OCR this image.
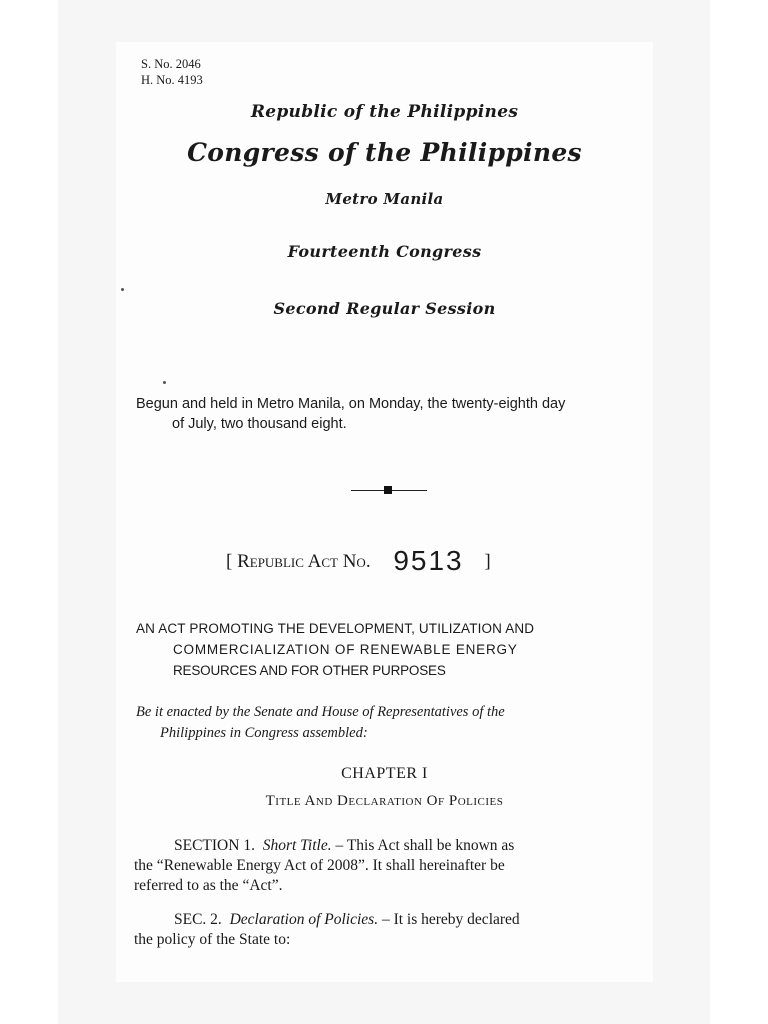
S. No. 2046
H. No. 4193
Republic of the Philippines
Congress of the Philippines
Metro Manila
Fourteenth Congress
Second Regular Session
Begun and held in Metro Manila, on Monday, the twenty-eighth day
of July, two thousand eight.
[ Republic Act No. 9513 ]
AN ACT PROMOTING THE DEVELOPMENT, UTILIZATION AND
COMMERCIALIZATION OF RENEWABLE ENERGY
RESOURCES AND FOR OTHER PURPOSES
Be it enacted by the Senate and House of Representatives of the
Philippines in Congress assembled:
CHAPTER I
Title And Declaration Of Policies
SECTION 1. Short Title. – This Act shall be known as
the “Renewable Energy Act of 2008”. It shall hereinafter be
referred to as the “Act”.
SEC. 2. Declaration of Policies. – It is hereby declared
the policy of the State to:
